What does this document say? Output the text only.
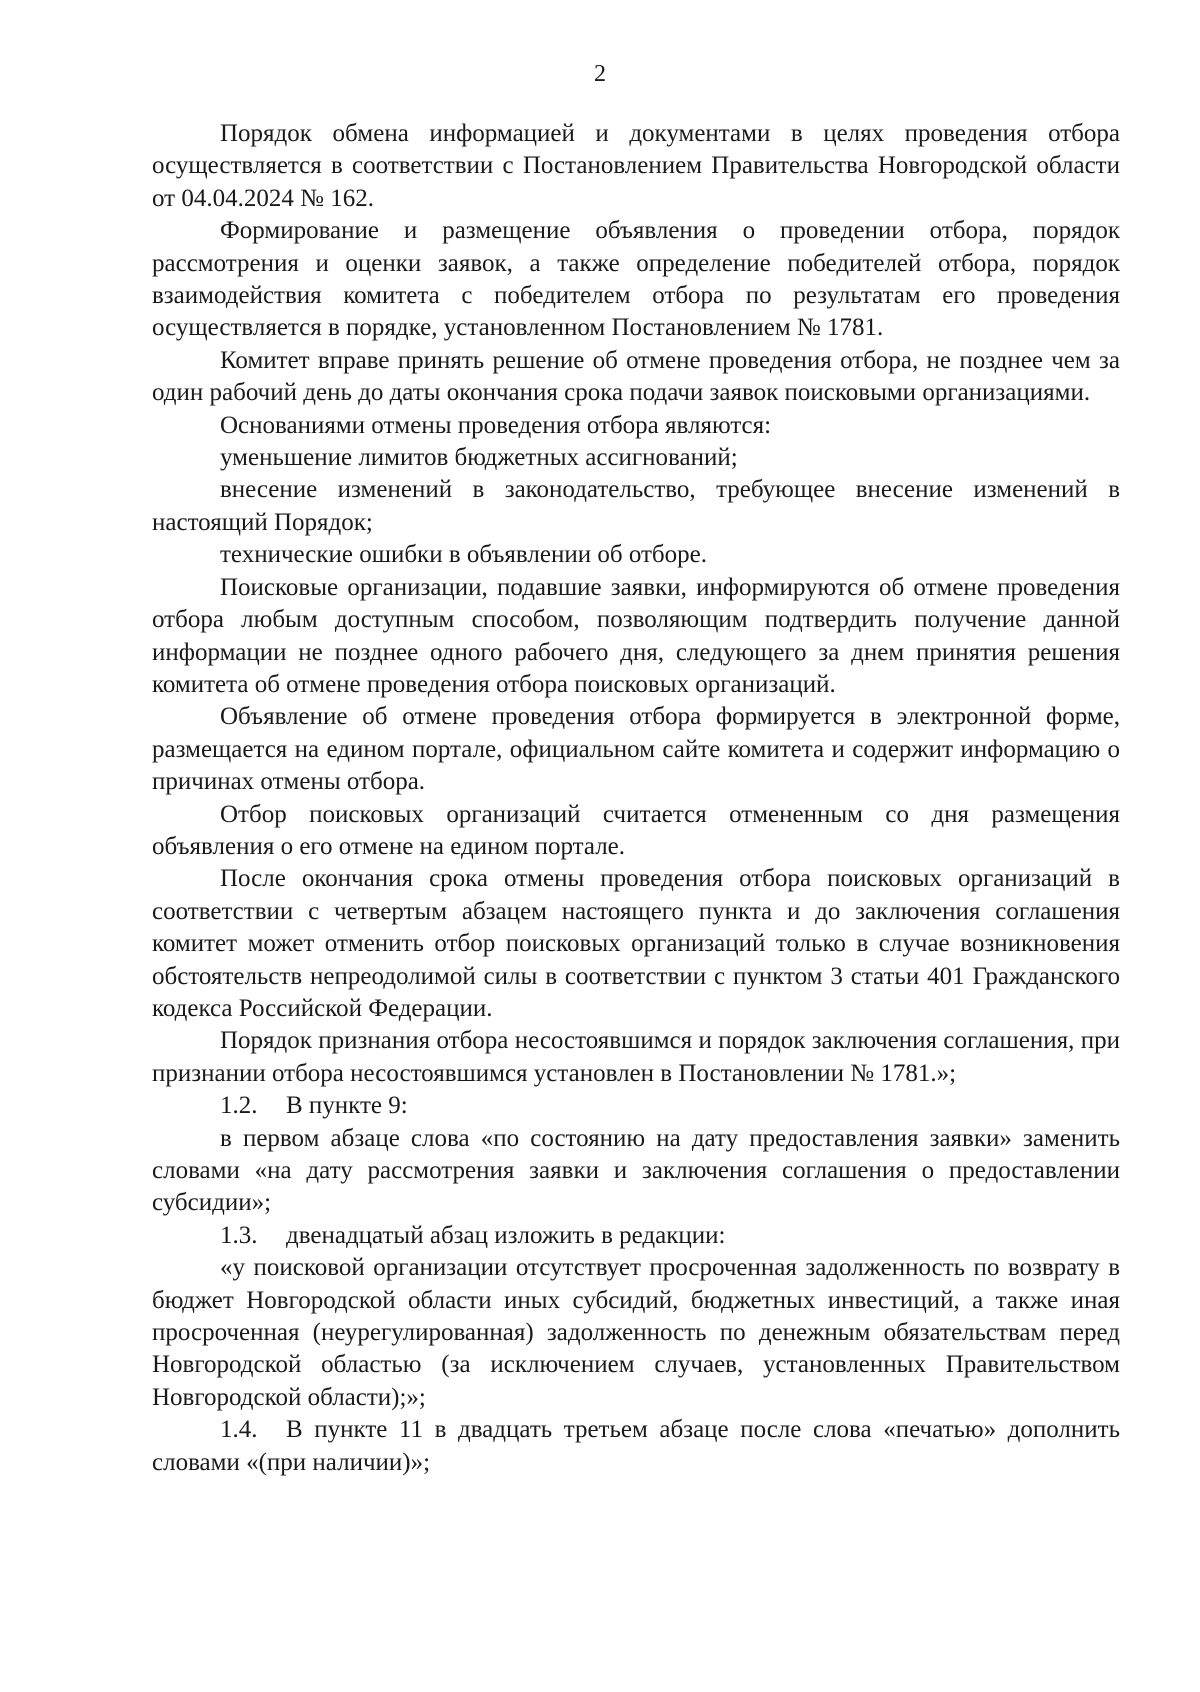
2

Порядок обмена информацией и документами в целях проведения отбора осуществляется в соответствии с Постановлением Правительства Новгородской области от 04.04.2024 № 162.

Формирование и размещение объявления о проведении отбора, порядок рассмотрения и оценки заявок, а также определение победителей отбора, порядок взаимодействия комитета с победителем отбора по результатам его проведения осуществляется в порядке, установленном Постановлением № 1781.

Комитет вправе принять решение об отмене проведения отбора, не позднее чем за один рабочий день до даты окончания срока подачи заявок поисковыми организациями.

Основаниями отмены проведения отбора являются:

уменьшение лимитов бюджетных ассигнований;

внесение изменений в законодательство, требующее внесение изменений в настоящий Порядок;

технические ошибки в объявлении об отборе.

Поисковые организации, подавшие заявки, информируются об отмене проведения отбора любым доступным способом, позволяющим подтвердить получение данной информации не позднее одного рабочего дня, следующего за днем принятия решения комитета об отмене проведения отбора поисковых организаций.

Объявление об отмене проведения отбора формируется в электронной форме, размещается на едином портале, официальном сайте комитета и содержит информацию о причинах отмены отбора.

Отбор поисковых организаций считается отмененным со дня размещения объявления о его отмене на едином портале.

После окончания срока отмены проведения отбора поисковых организаций в соответствии с четвертым абзацем настоящего пункта и до заключения соглашения комитет может отменить отбор поисковых организаций только в случае возникновения обстоятельств непреодолимой силы в соответствии с пунктом 3 статьи 401 Гражданского кодекса Российской Федерации.

Порядок признания отбора несостоявшимся и порядок заключения соглашения, при признании отбора несостоявшимся установлен в Постановлении № 1781.»;

1.2. В пункте 9:

в первом абзаце слова «по состоянию на дату предоставления заявки» заменить словами «на дату рассмотрения заявки и заключения соглашения о предоставлении субсидии»;

1.3. двенадцатый абзац изложить в редакции:

«у поисковой организации отсутствует просроченная задолженность по возврату в бюджет Новгородской области иных субсидий, бюджетных инвестиций, а также иная просроченная (неурегулированная) задолженность по денежным обязательствам перед Новгородской областью (за исключением случаев, установленных Правительством Новгородской области);»;

1.4. В пункте 11 в двадцать третьем абзаце после слова «печатью» дополнить словами «(при наличии)»;
